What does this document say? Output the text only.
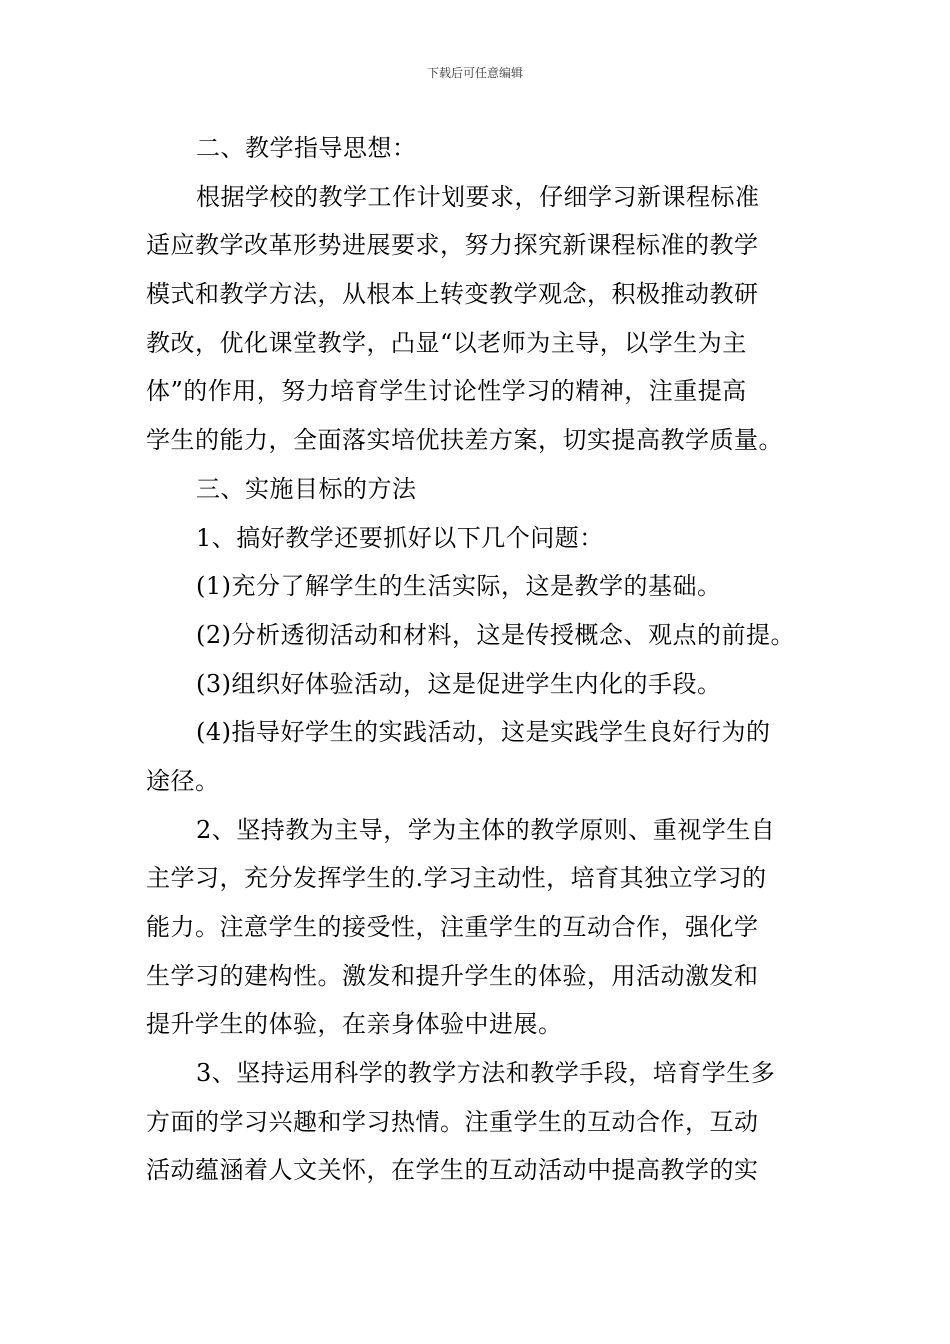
下载后可任意编辑
二、教学指导思想：
根据学校的教学工作计划要求，仔细学习新课程标准
适应教学改革形势进展要求，努力探究新课程标准的教学
模式和教学方法，从根本上转变教学观念，积极推动教研
教改，优化课堂教学，凸显“以老师为主导，以学生为主
体”的作用，努力培育学生讨论性学习的精神，注重提高
学生的能力，全面落实培优扶差方案，切实提高教学质量。
三、实施目标的方法
1、搞好教学还要抓好以下几个问题：
(1)充分了解学生的生活实际，这是教学的基础。
(2)分析透彻活动和材料，这是传授概念、观点的前提。
(3)组织好体验活动，这是促进学生内化的手段。
(4)指导好学生的实践活动，这是实践学生良好行为的
途径。
2、坚持教为主导，学为主体的教学原则、重视学生自
主学习，充分发挥学生的.学习主动性，培育其独立学习的
能力。注意学生的接受性，注重学生的互动合作，强化学
生学习的建构性。激发和提升学生的体验，用活动激发和
提升学生的体验，在亲身体验中进展。
3、坚持运用科学的教学方法和教学手段，培育学生多
方面的学习兴趣和学习热情。注重学生的互动合作，互动
活动蕴涵着人文关怀，在学生的互动活动中提高教学的实
